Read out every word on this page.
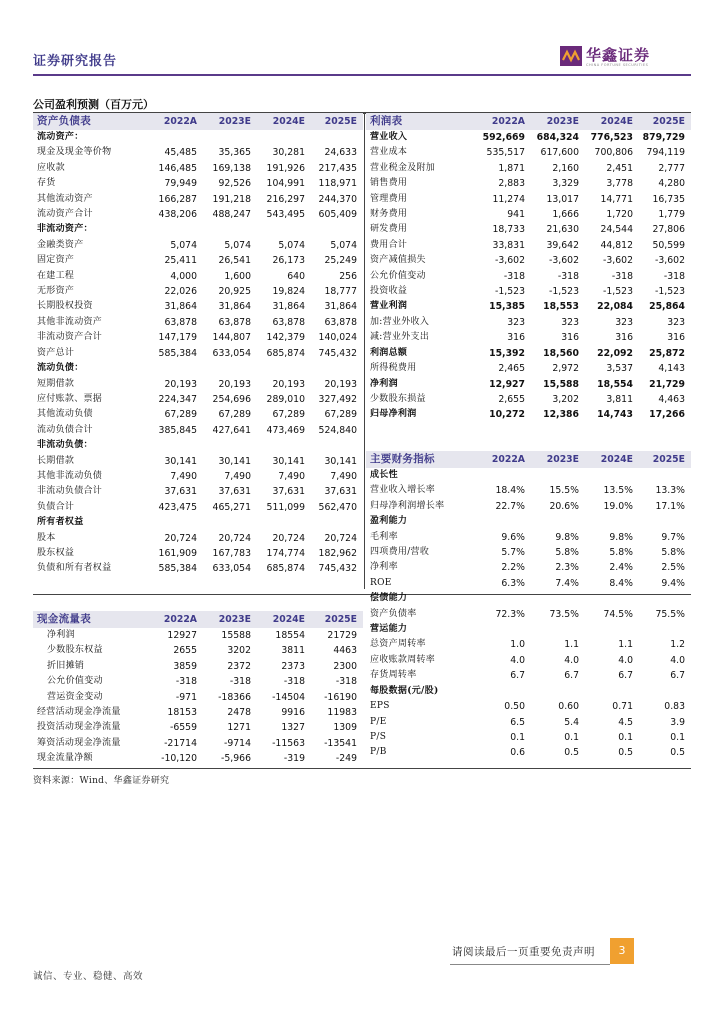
证券研究报告	华鑫证券
CHINA FORTUNE SECURITIES
公司盈利预测（百万元）
资产负债表	2022A	2023E	2024E	2025E
流动资产：				
现金及现金等价物	45,485	35,365	30,281	24,633
应收款	146,485	169,138	191,926	217,435
存货	79,949	92,526	104,991	118,971
其他流动资产	166,287	191,218	216,297	244,370
流动资产合计	438,206	488,247	543,495	605,409
非流动资产：				
金融类资产	5,074	5,074	5,074	5,074
固定资产	25,411	26,541	26,173	25,249
在建工程	4,000	1,600	640	256
无形资产	22,026	20,925	19,824	18,777
长期股权投资	31,864	31,864	31,864	31,864
其他非流动资产	63,878	63,878	63,878	63,878
非流动资产合计	147,179	144,807	142,379	140,024
资产总计	585,384	633,054	685,874	745,432
流动负债：				
短期借款	20,193	20,193	20,193	20,193
应付账款、票据	224,347	254,696	289,010	327,492
其他流动负债	67,289	67,289	67,289	67,289
流动负债合计	385,845	427,641	473,469	524,840
非流动负债：				
长期借款	30,141	30,141	30,141	30,141
其他非流动负债	7,490	7,490	7,490	7,490
非流动负债合计	37,631	37,631	37,631	37,631
负债合计	423,475	465,271	511,099	562,470
所有者权益				
股本	20,724	20,724	20,724	20,724
股东权益	161,909	167,783	174,774	182,962
负债和所有者权益	585,384	633,054	685,874	745,432
利润表	2022A	2023E	2024E	2025E
营业收入	592,669	684,324	776,523	879,729
营业成本	535,517	617,600	700,806	794,119
营业税金及附加	1,871	2,160	2,451	2,777
销售费用	2,883	3,329	3,778	4,280
管理费用	11,274	13,017	14,771	16,735
财务费用	941	1,666	1,720	1,779
研发费用	18,733	21,630	24,544	27,806
费用合计	33,831	39,642	44,812	50,599
资产减值损失	-3,602	-3,602	-3,602	-3,602
公允价值变动	-318	-318	-318	-318
投资收益	-1,523	-1,523	-1,523	-1,523
营业利润	15,385	18,553	22,084	25,864
加:营业外收入	323	323	323	323
减:营业外支出	316	316	316	316
利润总额	15,392	18,560	22,092	25,872
所得税费用	2,465	2,972	3,537	4,143
净利润	12,927	15,588	18,554	21,729
少数股东损益	2,655	3,202	3,811	4,463
归母净利润	10,272	12,386	14,743	17,266
主要财务指标	2022A	2023E	2024E	2025E
成长性				
营业收入增长率	18.4%	15.5%	13.5%	13.3%
归母净利润增长率	22.7%	20.6%	19.0%	17.1%
盈利能力				
毛利率	9.6%	9.8%	9.8%	9.7%
四项费用/营收	5.7%	5.8%	5.8%	5.8%
净利率	2.2%	2.3%	2.4%	2.5%
ROE	6.3%	7.4%	8.4%	9.4%
偿债能力				
资产负债率	72.3%	73.5%	74.5%	75.5%
营运能力				
总资产周转率	1.0	1.1	1.1	1.2
应收账款周转率	4.0	4.0	4.0	4.0
存货周转率	6.7	6.7	6.7	6.7
每股数据(元/股)				
EPS	0.50	0.60	0.71	0.83
P/E	6.5	5.4	4.5	3.9
P/S	0.1	0.1	0.1	0.1
P/B	0.6	0.5	0.5	0.5
现金流量表	2022A	2023E	2024E	2025E
净利润	12927	15588	18554	21729
少数股东权益	2655	3202	3811	4463
折旧摊销	3859	2372	2373	2300
公允价值变动	-318	-318	-318	-318
营运资金变动	-971	-18366	-14504	-16190
经营活动现金净流量	18153	2478	9916	11983
投资活动现金净流量	-6559	1271	1327	1309
筹资活动现金净流量	-21714	-9714	-11563	-13541
现金流量净额	-10,120	-5,966	-319	-249
资料来源：Wind、华鑫证券研究
请阅读最后一页重要免责声明	3
诚信、专业、稳健、高效
